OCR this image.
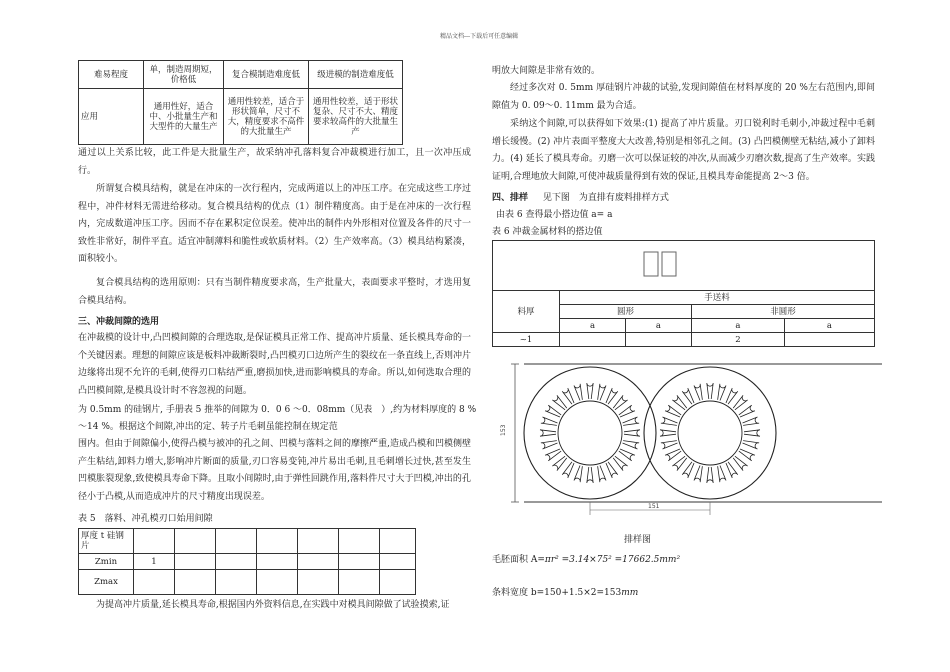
精品文档---下载后可任意编辑
难易程度	单，制造周期短，价格低	复合模制造难度低	级进模的制造难度低
应用	通用性好，适合中、小批量生产和大型件的大量生产	通用性较差，适合于形状简单，尺寸不大，精度要求不高件的大批量生产	通用性较差，适于形状复杂、尺寸不大、精度要求较高件的大批量生产
通过以上关系比较，此工件是大批量生产，故采纳冲孔落料复合冲裁模进行加工，且一次冲压成行。
所谓复合模具结构，就是在冲床的一次行程内，完成两道以上的冲压工序。在完成这些工序过程中，冲件材料无需进给移动。复合模具结构的优点（1）制件精度高。由于是在冲床的一次行程内，完成数道冲压工序。因而不存在累积定位误差。使冲出的制件内外形相对位置及各件的尺寸一致性非常好，制件平直。适宜冲制薄料和脆性或软质材料。（2）生产效率高。（3）模具结构紧凑，面积较小。
复合模具结构的选用原则：只有当制件精度要求高，生产批量大，表面要求平整时，才选用复合模具结构。
三、冲裁间隙的选用
在冲裁模的设计中,凸凹模间隙的合理选取,是保证模具正常工作、提高冲片质量、延长模具寿命的一个关键因素。理想的间隙应该是板料冲裁断裂时,凸凹模刃口边所产生的裂纹在一条直线上,否则冲片边缘将出现不允许的毛刺,使得刃口粘结严重,磨损加快,进而影响模具的寿命。所以,如何选取合理的凸凹模间隙,是模具设计时不容忽视的问题。
为 0.5mm 的硅钢片, 手册表 5 推举的间隙为 0．0 6 ～0．08mm（见表　）,约为材料厚度的 8 %
～14 %。根据这个间隙,冲出的定、转子片毛刺虽能控制在规定范
围内。但由于间隙偏小,使得凸模与被冲的孔之间、凹模与落料之间的摩擦严重,造成凸模和凹模侧壁产生粘结,卸料力增大,影响冲片断面的质量,刃口容易变钝,冲片易出毛刺,且毛刺增长过快,甚至发生凹模胀裂现象,致使模具寿命下降。且取小间隙时,由于弹性回跳作用,落料件尺寸大于凹模,冲出的孔径小于凸模,从而造成冲片的尺寸精度出现误差。
表 5　落料、冲孔模刃口始用间隙
厚度 t 硅钢片							
Zmin	1						
Zmax							
为提高冲片质量,延长模具寿命,根据国内外资料信息,在实践中对模具间隙做了试验摸索,证
明放大间隙是非常有效的。
经过多次对 0. 5mm 厚硅钢片冲裁的试验,发现间隙值在材料厚度的 20 %左右范围内,即间隙值为 0. 09～0. 11mm 最为合适。
采纳这个间隙,可以获得如下效果:(1) 提高了冲片质量。刃口锐利时毛刺小,冲裁过程中毛刺增长缓慢。(2) 冲片表面平整度大大改善,特别是相邻孔之间。(3) 凸凹模侧壁无粘结,减小了卸料力。(4) 延长了模具寿命。刃磨一次可以保证较的冲次,从而减少刃磨次数,提高了生产效率。实践证明,合理地放大间隙,可使冲裁质量得到有效的保证,且模具寿命能提高 2～3 倍。
四、排样 见下图　为直排有废料排样方式
由表 6 查得最小搭边值 a= a
表 6 冲裁金属材料的搭边值

料厚	手送料			
	圆形		非圆形	
	a	a	a	a
~1			2	
153
151
排样图
毛胚面积 A=πr² =3.14×75² =17662.5mm²
条料宽度 b=150+1.5×2=153mm
